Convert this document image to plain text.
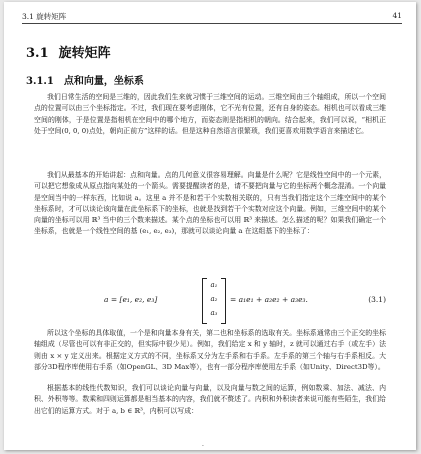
3.1 旋转矩阵	41
3.1 旋转矩阵
3.1.1 点和向量，坐标系

我们日常生活的空间是三维的，因此我们生来就习惯于三维空间的运动。三维空间由三个轴组成，所以一个空间点的位置可以由三个坐标指定。不过，我们现在要考虑刚体，它不光有位置，还有自身的姿态。相机也可以看成三维空间的刚体，于是位置是指相机在空间中的哪个地方，而姿态则是指相机的朝向。结合起来，我们可以说，“相机正处于空间(0, 0, 0)点处，朝向正前方”这样的话。但是这种自然语言很繁琐，我们更喜欢用数学语言来描述它。

我们从最基本的开始讲起：点和向量。点的几何意义很容易理解。向量是什么呢？它是线性空间中的一个元素，可以把它想象成从原点指向某处的一个箭头。需要提醒读者的是，请不要把向量与它的坐标两个概念混淆。一个向量是空间当中的一样东西，比如说 a。这里 a 并不是和若干个实数相关联的，只有当我们指定这个三维空间中的某个坐标系时，才可以谈论该向量在此坐标系下的坐标，也就是找到若干个实数对应这个向量。例如，三维空间中的某个向量的坐标可以用 ℝ³ 当中的三个数来描述。某个点的坐标也可以用 ℝ³ 来描述。怎么描述的呢？如果我们确定一个坐标系，也就是一个线性空间的基 (e₁, e₂, e₃)，那就可以谈论向量 a 在这组基下的坐标了：

a = [e₁, e₂, e₃]
a₁
a₂
a₃
= a₁e₁ + a₂e₂ + a₃e₃.	(3.1)

所以这个坐标的具体取值，一个是和向量本身有关，第二也和坐标系的选取有关。坐标系通常由三个正交的坐标轴组成（尽管也可以有非正交的，但实际中很少见）。例如，我们给定 x 和 y 轴时，z 就可以通过右手（或左手）法则由 x × y 定义出来。根据定义方式的不同，坐标系又分为左手系和右手系。左手系的第三个轴与右手系相反。大部分3D程序库使用右手系（如OpenGL、3D Max等），也有一部分程序库使用左手系（如Unity、Direct3D等）。

根据基本的线性代数知识，我们可以谈论向量与向量，以及向量与数之间的运算，例如数乘、加法、减法、内积、外积等等。数乘和四则运算都是相当基本的内容，我们就不赘述了。内积和外积读者来说可能有些陌生，我们给出它们的运算方式。对于 a, b ∈ ℝ³，内积可以写成：

·
